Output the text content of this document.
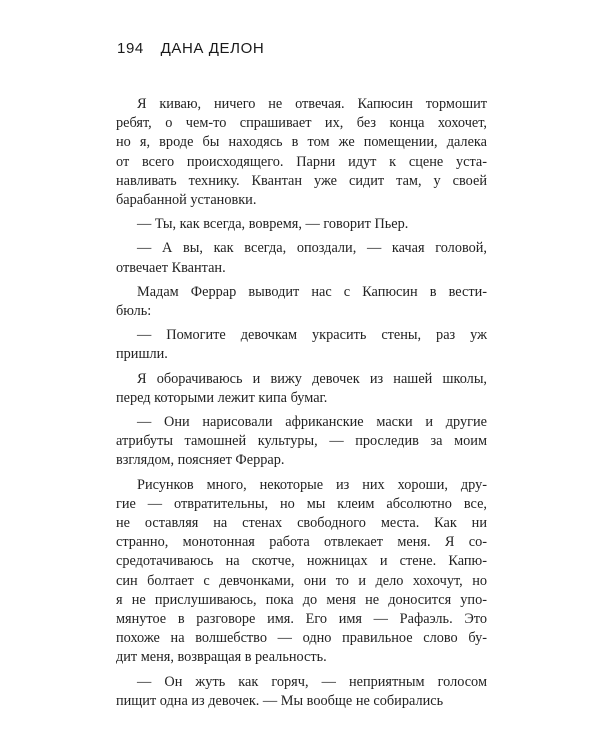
194 ДАНА ДЕЛОН

Я киваю, ничего не отвечая. Капюсин тормошит
ребят, о чем-то спрашивает их, без конца хохочет,
но я, вроде бы находясь в том же помещении, далека
от всего происходящего. Парни идут к сцене уста-
навливать технику. Квантан уже сидит там, у своей
барабанной установки.

— Ты, как всегда, вовремя, — говорит Пьер.

— А вы, как всегда, опоздали, — качая головой,
отвечает Квантан.

Мадам Феррар выводит нас с Капюсин в вести-
бюль:

— Помогите девочкам украсить стены, раз уж
пришли.

Я оборачиваюсь и вижу девочек из нашей школы,
перед которыми лежит кипа бумаг.

— Они нарисовали африканские маски и другие
атрибуты тамошней культуры, — проследив за моим
взглядом, поясняет Феррар.

Рисунков много, некоторые из них хороши, дру-
гие — отвратительны, но мы клеим абсолютно все,
не оставляя на стенах свободного места. Как ни
странно, монотонная работа отвлекает меня. Я со-
средотачиваюсь на скотче, ножницах и стене. Капю-
син болтает с девчонками, они то и дело хохочут, но
я не прислушиваюсь, пока до меня не доносится упо-
мянутое в разговоре имя. Его имя — Рафаэль. Это
похоже на волшебство — одно правильное слово бу-
дит меня, возвращая в реальность.

— Он жуть как горяч, — неприятным голосом
пищит одна из девочек. — Мы вообще не собирались
